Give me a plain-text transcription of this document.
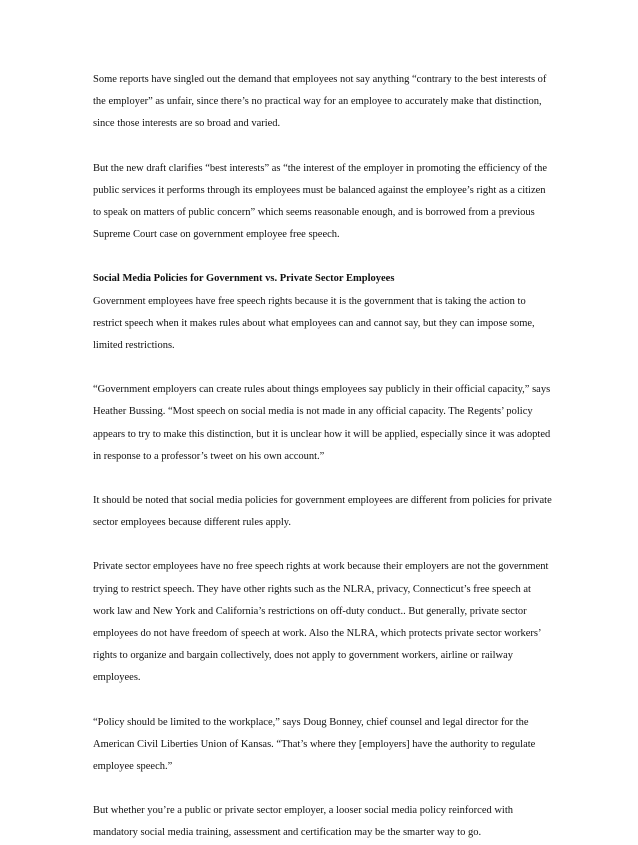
Some reports have singled out the demand that employees not say anything “contrary to the best interests of the employer” as unfair, since there’s no practical way for an employee to accurately make that distinction, since those interests are so broad and varied.

But the new draft clarifies “best interests” as “the interest of the employer in promoting the efficiency of the public services it performs through its employees must be balanced against the employee’s right as a citizen to speak on matters of public concern” which seems reasonable enough, and is borrowed from a previous Supreme Court case on government employee free speech.

Social Media Policies for Government vs. Private Sector Employees

Government employees have free speech rights because it is the government that is taking the action to restrict speech when it makes rules about what employees can and cannot say, but they can impose some, limited restrictions.

“Government employers can create rules about things employees say publicly in their official capacity,” says Heather Bussing. “Most speech on social media is not made in any official capacity. The Regents’ policy appears to try to make this distinction, but it is unclear how it will be applied, especially since it was adopted in response to a professor’s tweet on his own account.”

It should be noted that social media policies for government employees are different from policies for private sector employees because different rules apply.

Private sector employees have no free speech rights at work because their employers are not the government trying to restrict speech. They have other rights such as the NLRA, privacy, Connecticut’s free speech at work law and New York and California’s restrictions on off-duty conduct.. But generally, private sector employees do not have freedom of speech at work. Also the NLRA, which protects private sector workers’ rights to organize and bargain collectively, does not apply to government workers, airline or railway employees.

“Policy should be limited to the workplace,” says Doug Bonney, chief counsel and legal director for the American Civil Liberties Union of Kansas. “That’s where they [employers] have the authority to regulate employee speech.”

But whether you’re a public or private sector employer, a looser social media policy reinforced with mandatory social media training, assessment and certification may be the smarter way to go.
